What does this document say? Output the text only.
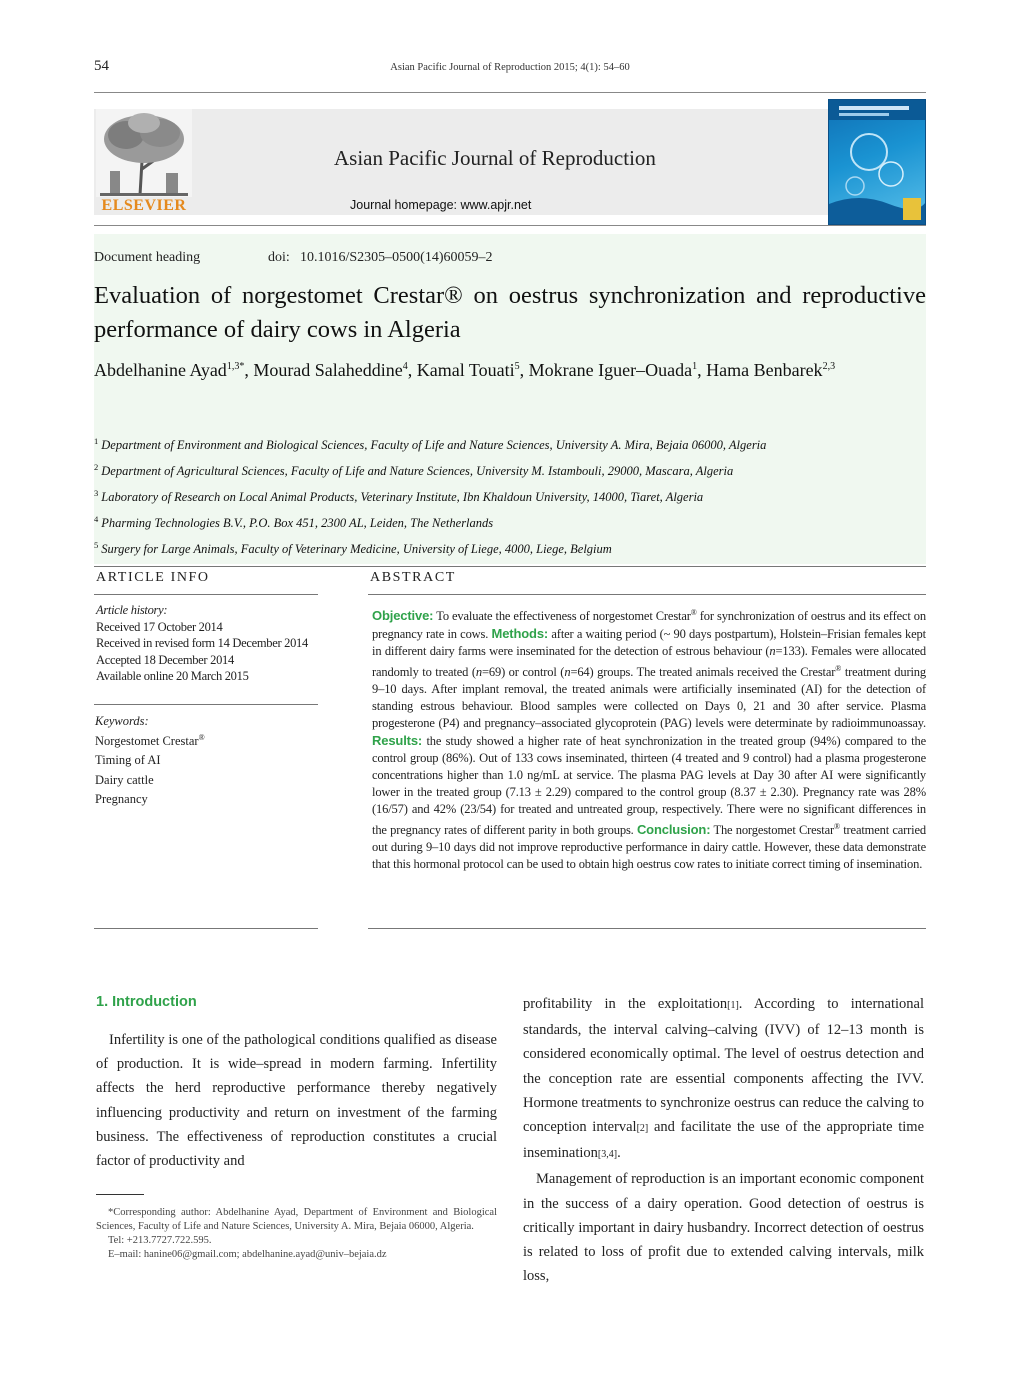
54	Asian Pacific Journal of Reproduction 2015; 4(1): 54–60
ELSEVIER
Asian Pacific Journal of Reproduction
Journal homepage: www.apjr.net
Document heading	doi: 10.1016/S2305–0500(14)60059–2
Evaluation of norgestomet Crestar® on oestrus synchronization and reproductive performance of dairy cows in Algeria
Abdelhanine Ayad$^{1,3*}$, Mourad Salaheddine$^4$, Kamal Touati$^5$, Mokrane Iguer–Ouada$^1$, Hama Benbarek$^{2,3}$
$^1$ Department of Environment and Biological Sciences, Faculty of Life and Nature Sciences, University A. Mira, Bejaia 06000, Algeria
$^2$ Department of Agricultural Sciences, Faculty of Life and Nature Sciences, University M. Istambouli, 29000, Mascara, Algeria
$^3$ Laboratory of Research on Local Animal Products, Veterinary Institute, Ibn Khaldoun University, 14000, Tiaret, Algeria
$^4$ Pharming Technologies B.V., P.O. Box 451, 2300 AL, Leiden, The Netherlands
$^5$ Surgery for Large Animals, Faculty of Veterinary Medicine, University of Liege, 4000, Liege, Belgium
ARTICLE INFO
Article history:
Received 17 October 2014
Received in revised form 14 December 2014
Accepted 18 December 2014
Available online 20 March 2015
Keywords:
Norgestomet Crestar®
Timing of AI
Dairy cattle
Pregnancy
ABSTRACT
Objective: To evaluate the effectiveness of norgestomet Crestar® for synchronization of oestrus and its effect on pregnancy rate in cows. Methods: after a waiting period (~ 90 days postpartum), Holstein–Frisian females kept in different dairy farms were inseminated for the detection of estrous behaviour (n=133). Females were allocated randomly to treated (n=69) or control (n=64) groups. The treated animals received the Crestar® treatment during 9–10 days. After implant removal, the treated animals were artificially inseminated (AI) for the detection of standing estrous behaviour. Blood samples were collected on Days 0, 21 and 30 after service. Plasma progesterone (P4) and pregnancy–associated glycoprotein (PAG) levels were determinate by radioimmunoassay. Results: the study showed a higher rate of heat synchronization in the treated group (94%) compared to the control group (86%). Out of 133 cows inseminated, thirteen (4 treated and 9 control) had a plasma progesterone concentrations higher than 1.0 ng/mL at service. The plasma PAG levels at Day 30 after AI were significantly lower in the treated group (7.13 ± 2.29) compared to the control group (8.37 ± 2.30). Pregnancy rate was 28% (16/57) and 42% (23/54) for treated and untreated group, respectively. There were no significant differences in the pregnancy rates of different parity in both groups. Conclusion: The norgestomet Crestar® treatment carried out during 9–10 days did not improve reproductive performance in dairy cattle. However, these data demonstrate that this hormonal protocol can be used to obtain high oestrus cow rates to initiate correct timing of insemination.
1. Introduction

Infertility is one of the pathological conditions qualified as disease of production. It is wide–spread in modern farming. Infertility affects the herd reproductive performance thereby negatively influencing productivity and return on investment of the farming business. The effectiveness of reproduction constitutes a crucial factor of productivity and

profitability in the exploitation[1]. According to international standards, the interval calving–calving (IVV) of 12–13 month is considered economically optimal. The level of oestrus detection and the conception rate are essential components affecting the IVV. Hormone treatments to synchronize oestrus can reduce the calving to conception interval[2] and facilitate the use of the appropriate time insemination[3,4].

Management of reproduction is an important economic component in the success of a dairy operation. Good detection of oestrus is critically important in dairy husbandry. Incorrect detection of oestrus is related to loss of profit due to extended calving intervals, milk loss,

*Corresponding author: Abdelhanine Ayad, Department of Environment and Biological Sciences, Faculty of Life and Nature Sciences, University A. Mira, Bejaia 06000, Algeria.

Tel: +213.7727.722.595.

E–mail: hanine06@gmail.com; abdelhanine.ayad@univ–bejaia.dz
